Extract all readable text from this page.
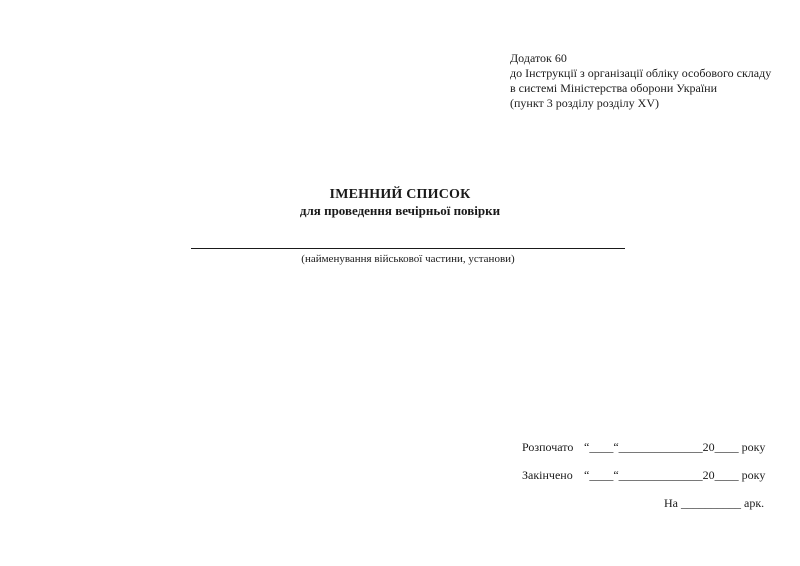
Додаток 60
до Інструкції з організації обліку особового складу
в системі Міністерства оборони України
(пункт 3 розділу розділу XV)
ІМЕННИЙ СПИСОК
для проведення вечірньої повірки
(найменування військової частини, установи)
Розпочато “____“______________20____ року
Закінчено “____“______________20____ року
На __________ арк.
